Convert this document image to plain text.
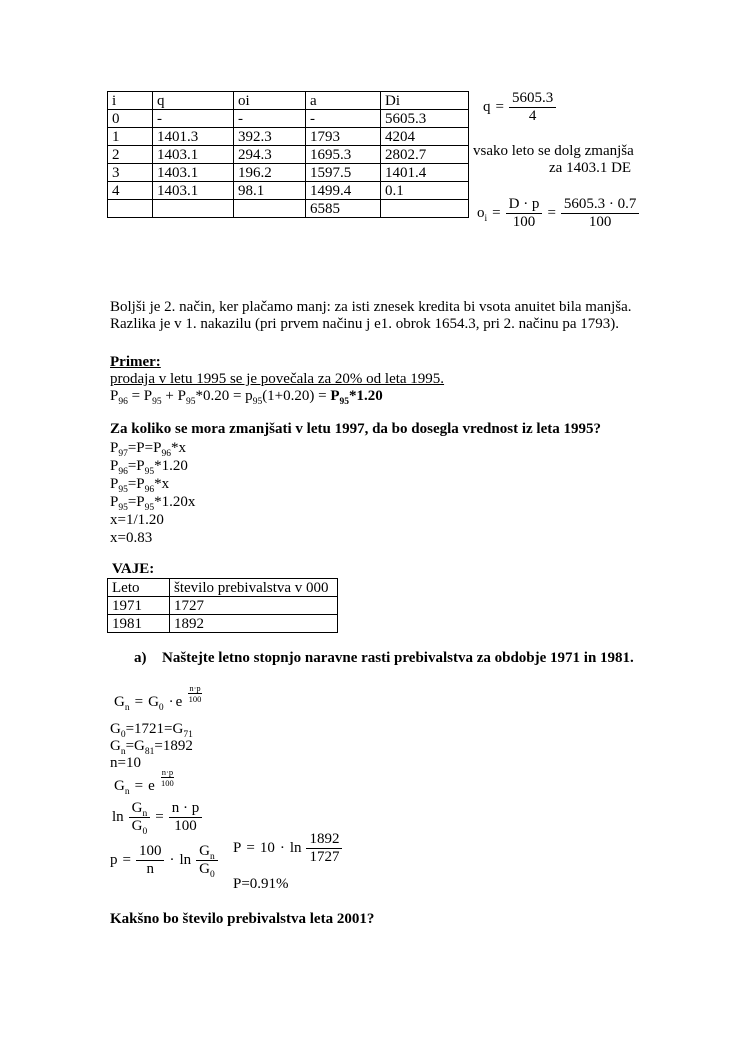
i	q	oi	a	Di
0	-	-	-	5605.3
1	1401.3	392.3	1793	4204
2	1403.1	294.3	1695.3	2802.7
3	1403.1	196.2	1597.5	1401.4
4	1403.1	98.1	1499.4	0.1
			6585	
$q = \frac{5605.3}{4}$
vsako leto se dolg zmanjša
za 1403.1 DE
$o_i = \frac{D \cdot p}{100} = \frac{5605.3 \cdot 0.7}{100}$
Boljši je 2. način, ker plačamo manj: za isti znesek kredita bi vsota anuitet bila manjša.
Razlika je v 1. nakazilu (pri prvem načinu j e1. obrok 1654.3, pri 2. načinu pa 1793).
Primer:
prodaja v letu 1995 se je povečala za 20% od leta 1995.
$P_{96} = P_{95} + P_{95}*0.20 = p_{95}(1+0.20) = P_{95}*1.20$
Za koliko se mora zmanjšati v letu 1997, da bo dosegla vrednost iz leta 1995?
$P_{97}=P=P_{96}*x$
$P_{96}=P_{95}*1.20$
$P_{95}=P_{96}*x$
$P_{95}=P_{95}*1.20x$
x=1/1.20
x=0.83
VAJE:
Leto	število prebivalstva v 000
1971	1727
1981	1892
a) Naštejte letno stopnjo naravne rasti prebivalstva za obdobje 1971 in 1981.
$G_n = G_0 \cdot e \frac{n\cdot p}{100}$
$G_0=1721=G_{71}$
$G_n=G_{81}=1892$
n=10
$G_n = e \frac{n\cdot p}{100}$
$\ln \frac{G_n}{G_0} = \frac{n \cdot p}{100}$
$p = \frac{100}{n} \cdot \ln \frac{G_n}{G_0}$ $P = 10 \cdot \ln \frac{1892}{1727}$
P=0.91%
Kakšno bo število prebivalstva leta 2001?
